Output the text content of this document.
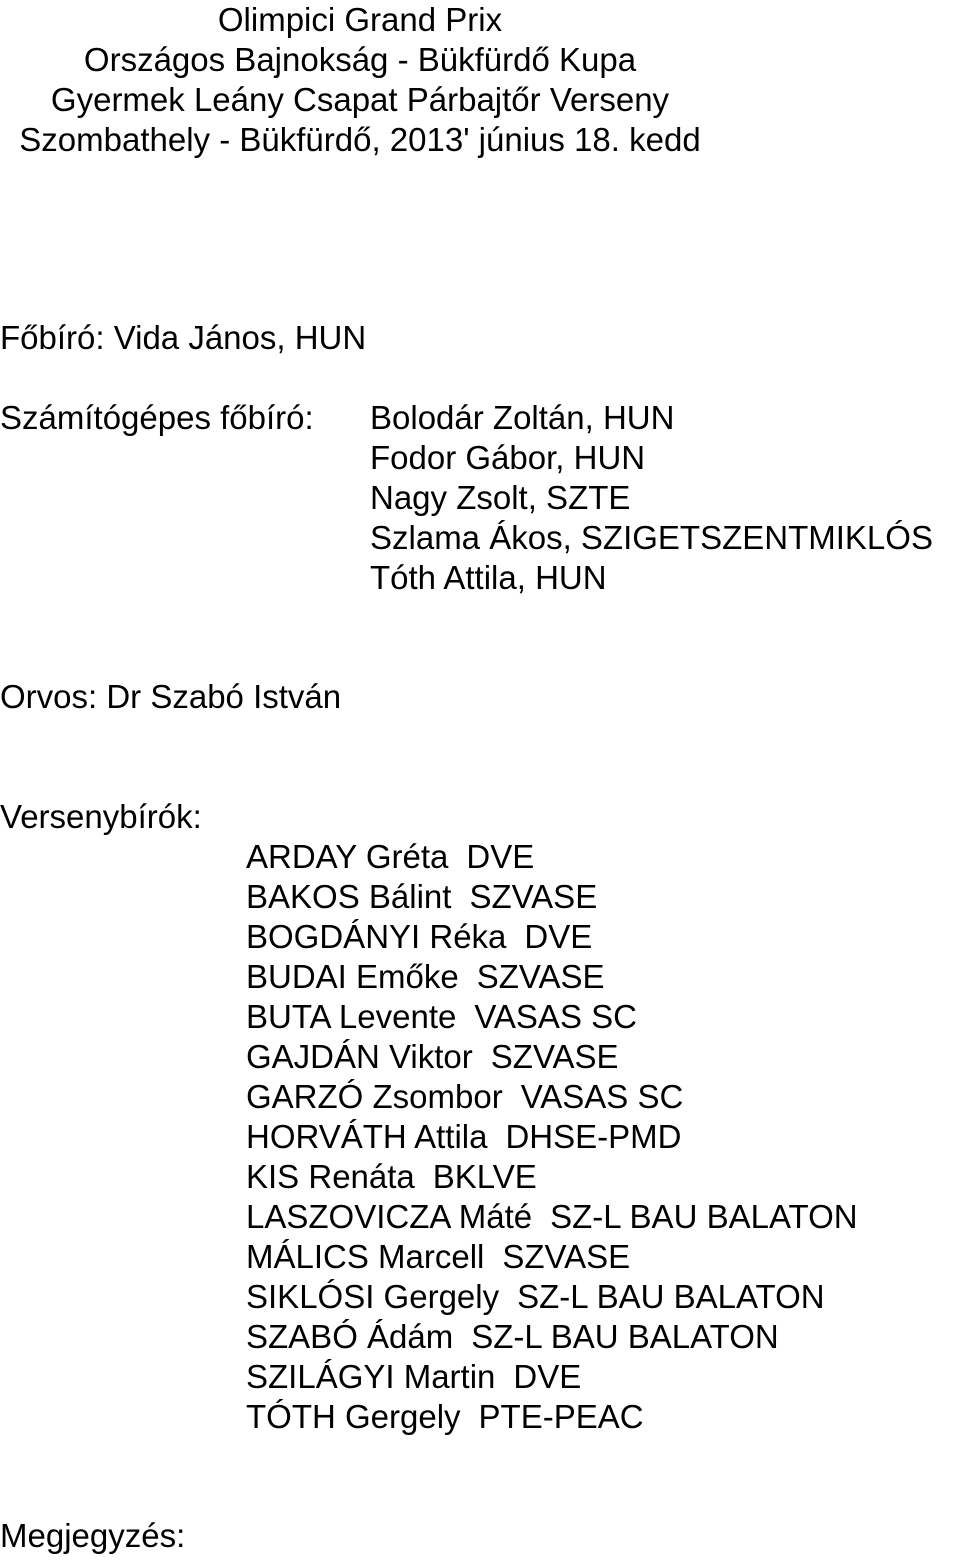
Olimpici Grand Prix
Országos Bajnokság - Bükfürdő Kupa
Gyermek Leány Csapat Párbajtőr Verseny
Szombathely - Bükfürdő, 2013' június 18. kedd
Főbíró: Vida János, HUN
Számítógépes főbíró: Bolodár Zoltán, HUN
Fodor Gábor, HUN
Nagy Zsolt, SZTE
Szlama Ákos, SZIGETSZENTMIKLÓS
Tóth Attila, HUN
Orvos: Dr Szabó István
Versenybírók:
ARDAY Gréta DVE
BAKOS Bálint SZVASE
BOGDÁNYI Réka DVE
BUDAI Emőke SZVASE
BUTA Levente VASAS SC
GAJDÁN Viktor SZVASE
GARZÓ Zsombor VASAS SC
HORVÁTH Attila DHSE-PMD
KIS Renáta BKLVE
LASZOVICZA Máté SZ-L BAU BALATON
MÁLICS Marcell SZVASE
SIKLÓSI Gergely SZ-L BAU BALATON
SZABÓ Ádám SZ-L BAU BALATON
SZILÁGYI Martin DVE
TÓTH Gergely PTE-PEAC
Megjegyzés:
